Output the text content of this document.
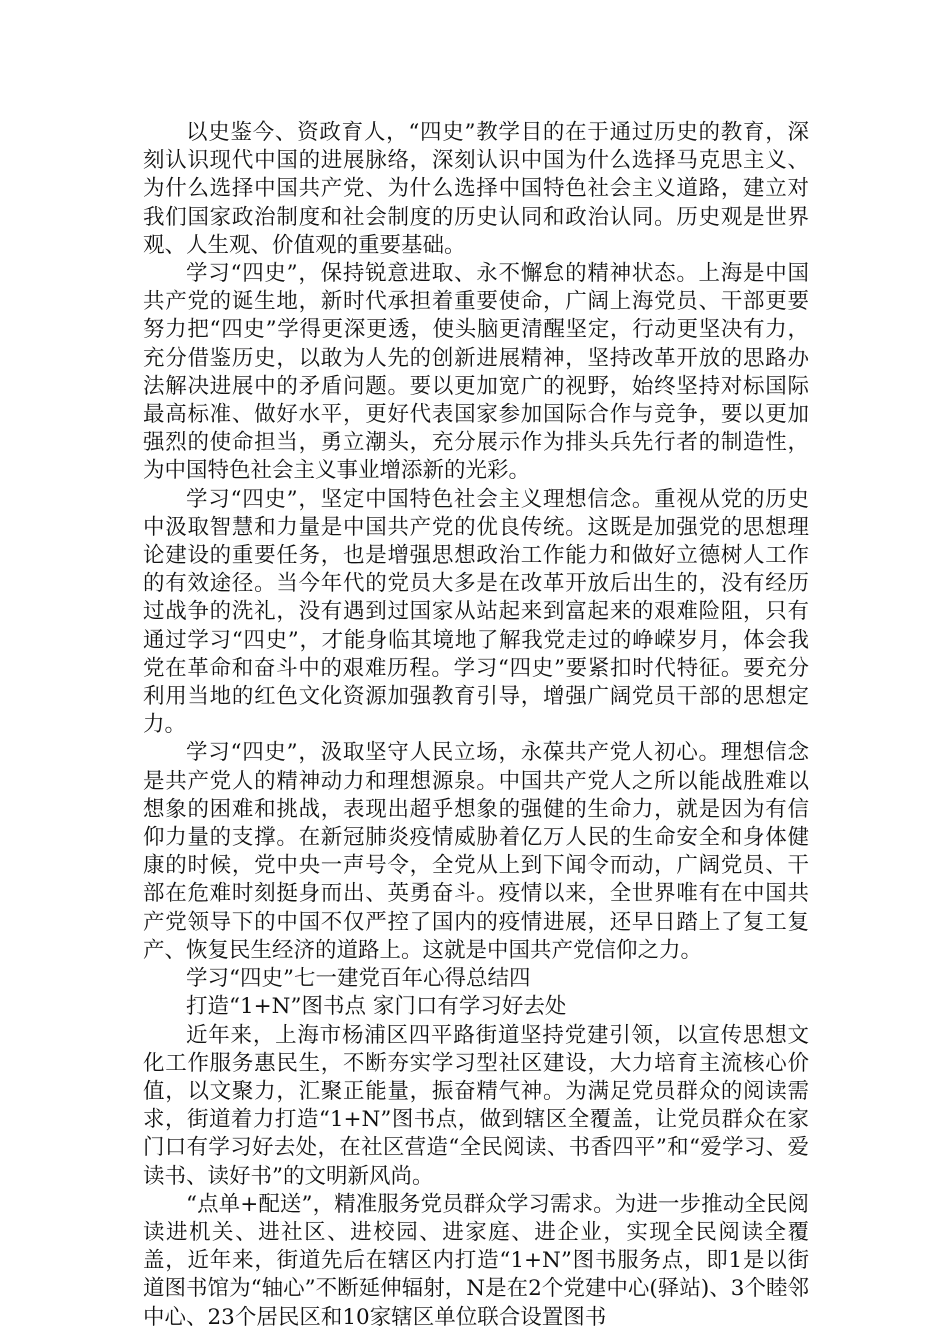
以史鉴今、资政育人，“四史”教学目的在于通过历史的教育，深刻认识现代中国的进展脉络，深刻认识中国为什么选择马克思主义、为什么选择中国共产党、为什么选择中国特色社会主义道路，建立对我们国家政治制度和社会制度的历史认同和政治认同。历史观是世界观、人生观、价值观的重要基础。

学习“四史”，保持锐意进取、永不懈怠的精神状态。上海是中国共产党的诞生地，新时代承担着重要使命，广阔上海党员、干部更要努力把“四史”学得更深更透，使头脑更清醒坚定，行动更坚决有力，充分借鉴历史，以敢为人先的创新进展精神，坚持改革开放的思路办法解决进展中的矛盾问题。要以更加宽广的视野，始终坚持对标国际最高标准、做好水平，更好代表国家参加国际合作与竞争，要以更加强烈的使命担当，勇立潮头，充分展示作为排头兵先行者的制造性，为中国特色社会主义事业增添新的光彩。

学习“四史”，坚定中国特色社会主义理想信念。重视从党的历史中汲取智慧和力量是中国共产党的优良传统。这既是加强党的思想理论建设的重要任务，也是增强思想政治工作能力和做好立德树人工作的有效途径。当今年代的党员大多是在改革开放后出生的，没有经历过战争的洗礼，没有遇到过国家从站起来到富起来的艰难险阻，只有通过学习“四史”，才能身临其境地了解我党走过的峥嵘岁月，体会我党在革命和奋斗中的艰难历程。学习“四史”要紧扣时代特征。要充分利用当地的红色文化资源加强教育引导，增强广阔党员干部的思想定力。

学习“四史”，汲取坚守人民立场，永葆共产党人初心。理想信念是共产党人的精神动力和理想源泉。中国共产党人之所以能战胜难以想象的困难和挑战，表现出超乎想象的强健的生命力，就是因为有信仰力量的支撑。在新冠肺炎疫情威胁着亿万人民的生命安全和身体健康的时候，党中央一声号令，全党从上到下闻令而动，广阔党员、干部在危难时刻挺身而出、英勇奋斗。疫情以来，全世界唯有在中国共产党领导下的中国不仅严控了国内的疫情进展，还早日踏上了复工复产、恢复民生经济的道路上。这就是中国共产党信仰之力。

学习“四史”七一建党百年心得总结四

打造“1+N”图书点 家门口有学习好去处

近年来，上海市杨浦区四平路街道坚持党建引领，以宣传思想文化工作服务惠民生，不断夯实学习型社区建设，大力培育主流核心价值，以文聚力，汇聚正能量，振奋精气神。为满足党员群众的阅读需求，街道着力打造“1+N”图书点，做到辖区全覆盖，让党员群众在家门口有学习好去处，在社区营造“全民阅读、书香四平”和“爱学习、爱读书、读好书”的文明新风尚。

“点单+配送”，精准服务党员群众学习需求。为进一步推动全民阅读进机关、进社区、进校园、进家庭、进企业，实现全民阅读全覆盖，近年来，街道先后在辖区内打造“1+N”图书服务点，即1是以街道图书馆为“轴心”不断延伸辐射，N是在2个党建中心(驿站)、3个睦邻中心、23个居民区和10家辖区单位联合设置图书
